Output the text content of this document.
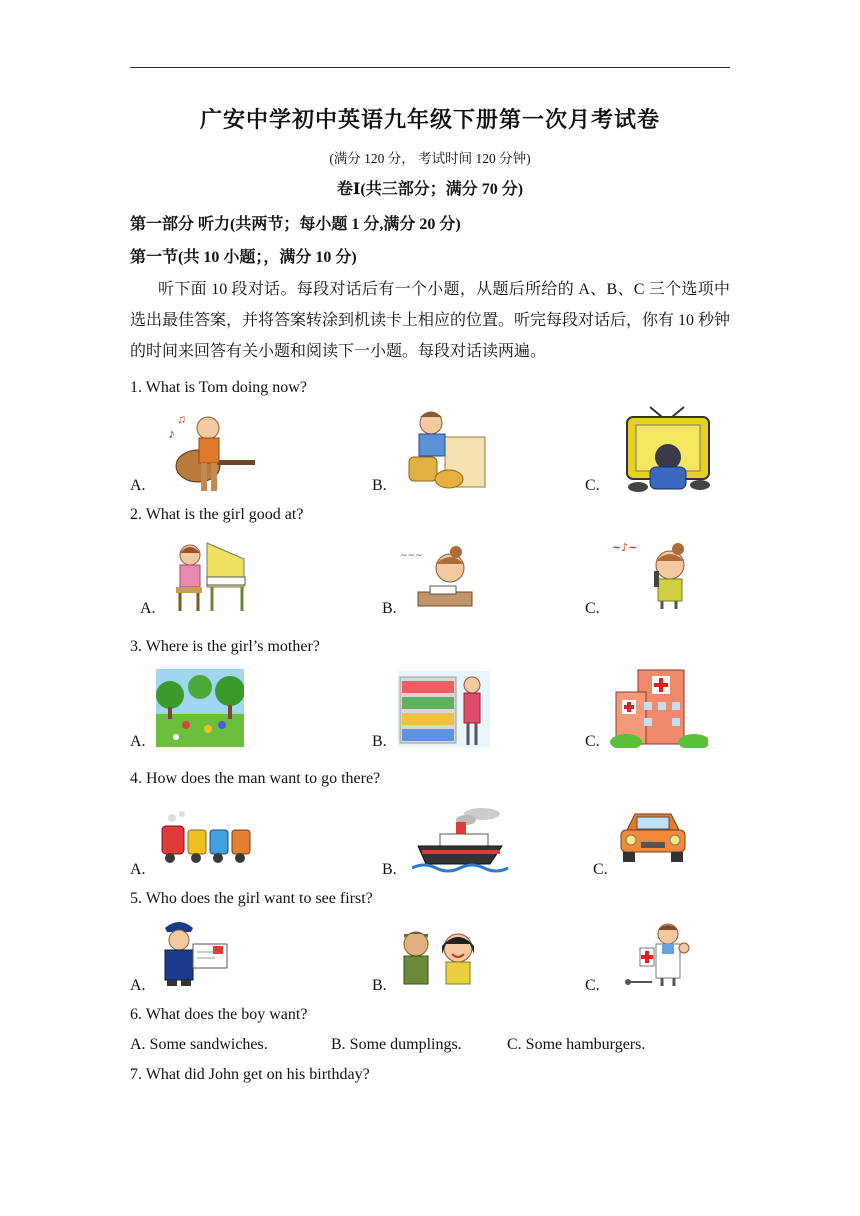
广安中学初中英语九年级下册第一次月考试卷
(满分 120 分， 考试时间 120 分钟)
卷Ⅰ(共三部分；满分 70 分)
第一部分 听力(共两节；每小题 1 分,满分 20 分)
第一节(共 10 小题；，满分 10 分)
听下面 10 段对话。每段对话后有一个小题，从题后所给的 A、B、C 三个选项中选出最佳答案，并将答案转涂到机读卡上相应的位置。听完每段对话后，你有 10 秒钟的时间来回答有关小题和阅读下一小题。每段对话读两遍。
1. What is Tom doing now?
A.
♪
♫
B.	C.
2. What is the girl good at?
A.	B.
~~~
C.
~♪~
3. Where is the girl’s mother?
A.	B.	C.
4. How does the man want to go there?
A.	B.	C.
5. Who does the girl want to see first?
A.	B.	C.
6. What does the boy want?
A. Some sandwiches.	B. Some dumplings.	C. Some hamburgers.
7. What did John get on his birthday?
